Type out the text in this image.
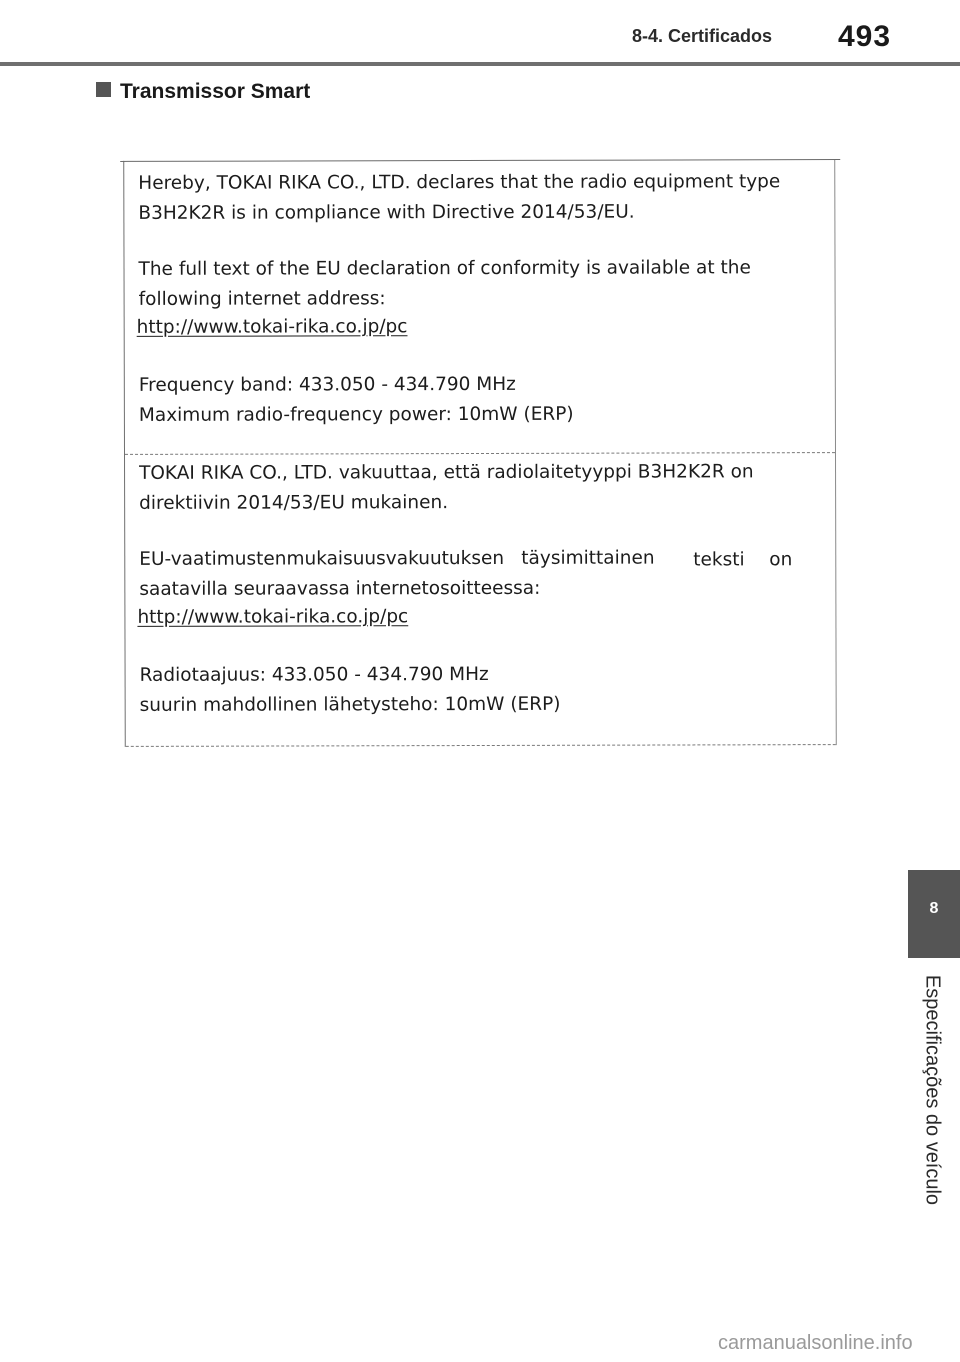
8-4. Certificados 493
Transmissor Smart
Hereby, TOKAI RIKA CO., LTD. declares that the radio equipment type
B3H2K2R is in compliance with Directive 2014/53/EU.
The full text of the EU declaration of conformity is available at the
following internet address:
http://www.tokai-rika.co.jp/pc
Frequency band: 433.050 - 434.790 MHz
Maximum radio-frequency power: 10mW (ERP)
TOKAI RIKA CO., LTD. vakuuttaa, että radiolaitetyyppi B3H2K2R on
direktiivin 2014/53/EU mukainen.
EU-vaatimustenmukaisuusvakuutuksen täysimittainen teksti on
saatavilla seuraavassa internetosoitteessa:
http://www.tokai-rika.co.jp/pc
Radiotaajuus: 433.050 - 434.790 MHz
suurin mahdollinen lähetysteho: 10mW (ERP)
8
Especificações do veículo
carmanualsonline.info
